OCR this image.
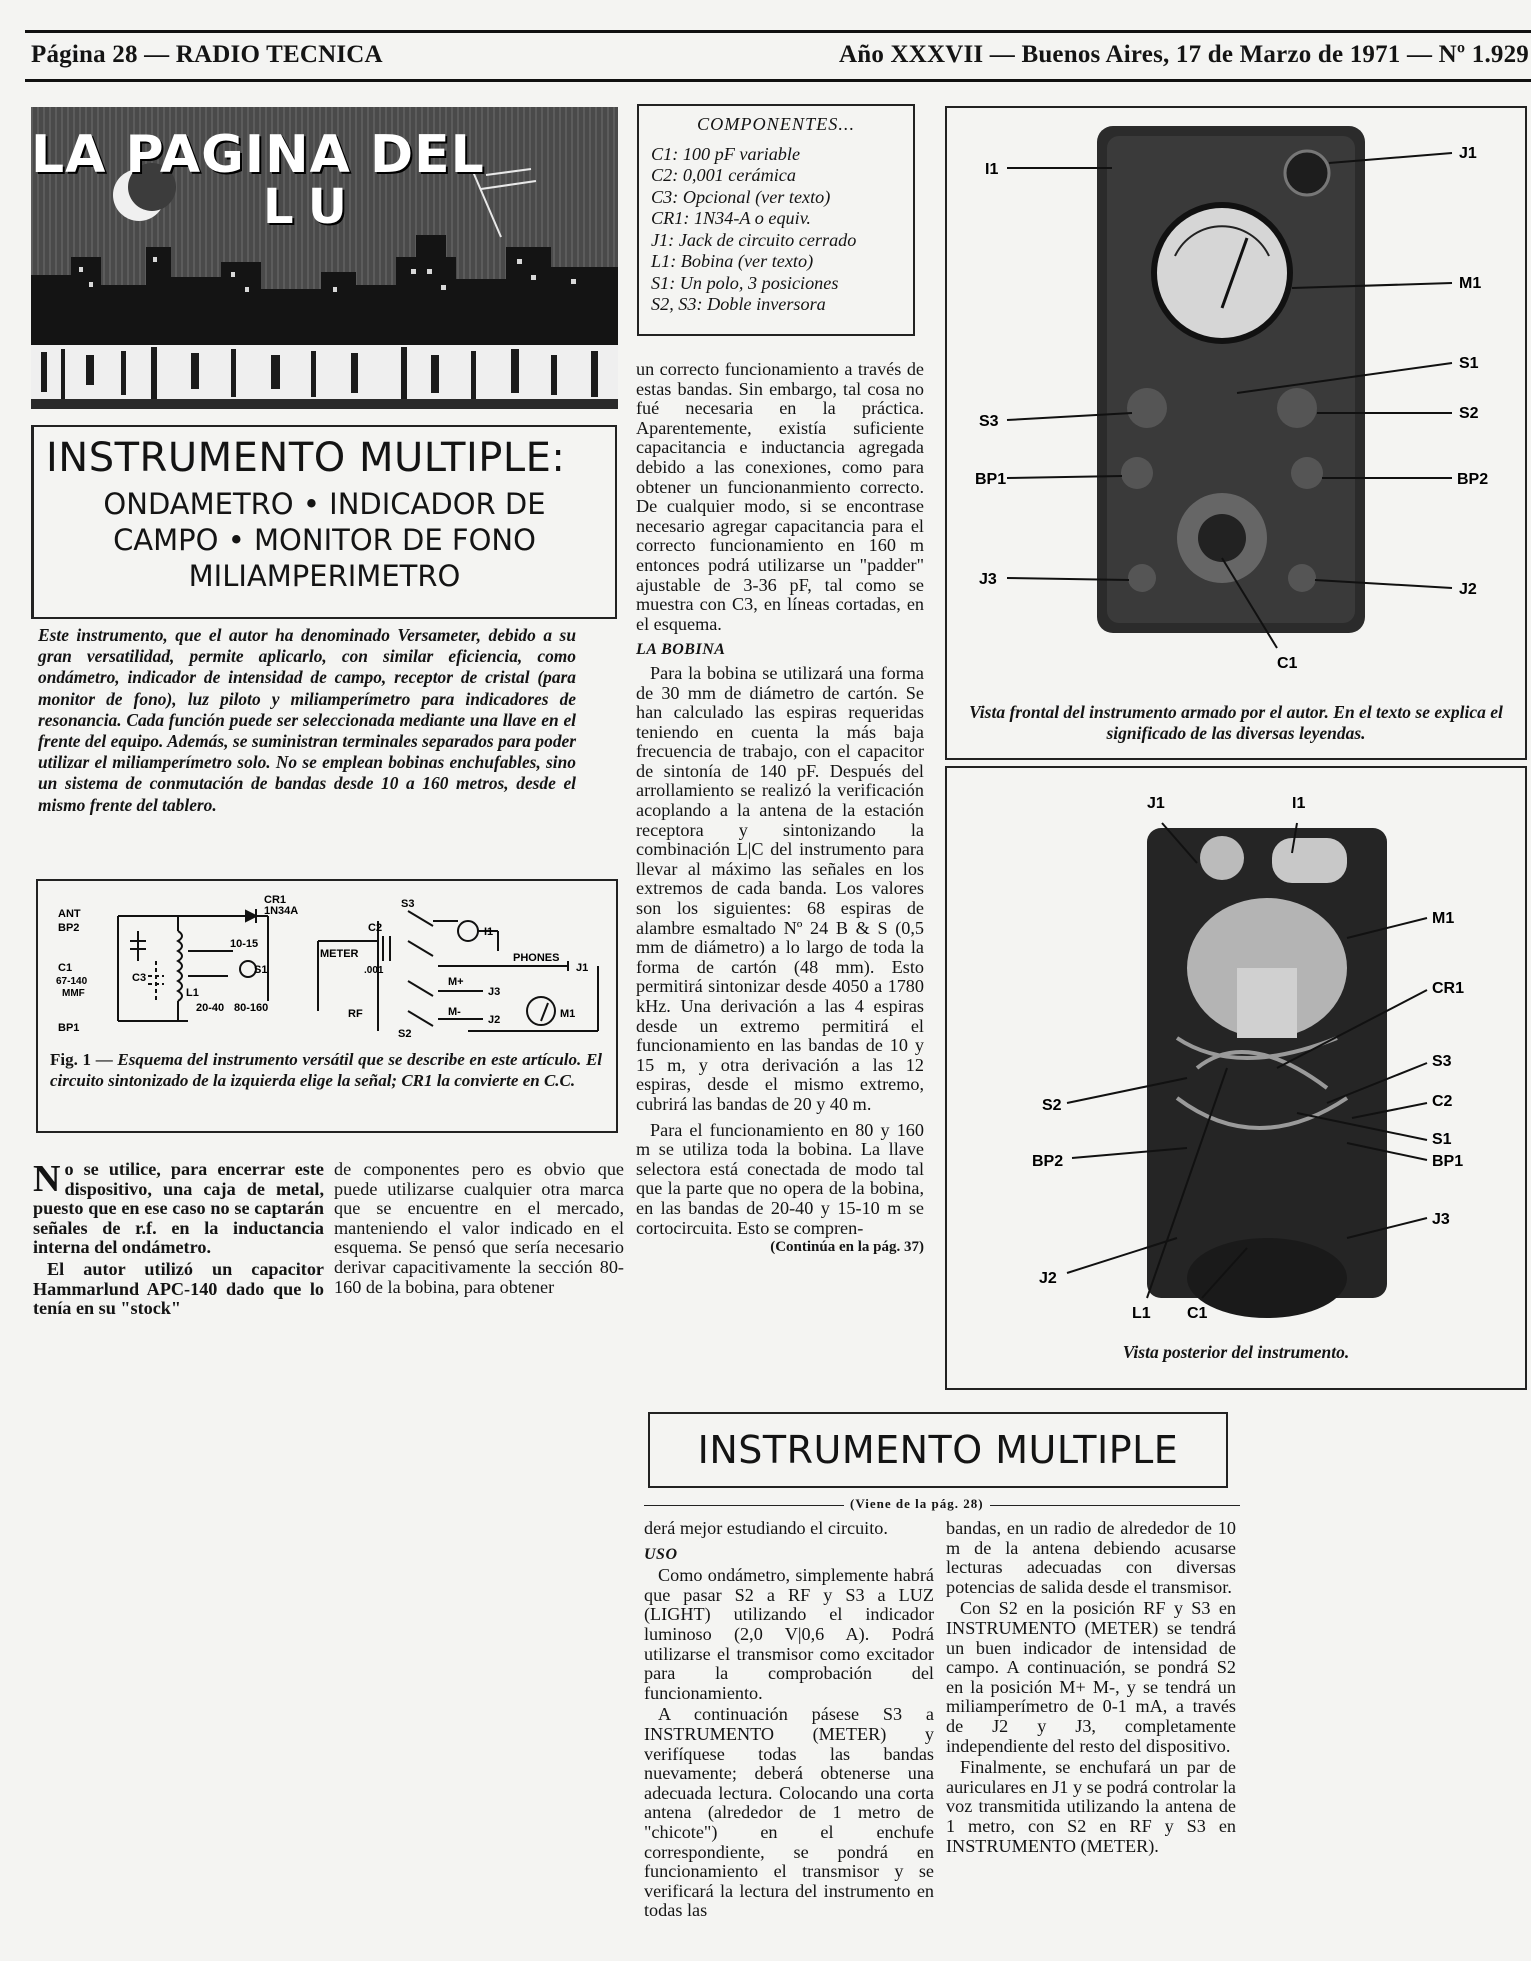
Página 28 — RADIO TECNICA	Año XXXVII — Buenos Aires, 17 de Marzo de 1971 — Nº 1.929
LA PAGINA DEL
LU
INSTRUMENTO MULTIPLE:
ONDAMETRO • INDICADOR DE
CAMPO • MONITOR DE FONO
MILIAMPERIMETRO
Este instrumento, que el autor ha denominado Versameter, debido a su gran versatilidad, permite aplicarlo, con similar eficiencia, como ondámetro, indicador de intensidad de campo, receptor de cristal (para monitor de fono), luz piloto y miliamperímetro para indicadores de resonancia. Cada función puede ser seleccionada mediante una llave en el frente del equipo. Además, se suministran terminales separados para poder utilizar el miliamperímetro solo. No se emplean bobinas enchufables, sino un sistema de conmutación de bandas desde 10 a 160 metros, desde el mismo frente del tablero.
ANT
BP2
C1
67-140
MMF
BP1
C3
L1
CR1
1N34A
10-15
20-40 80-160
S1
METER
RF
C2
.001
S3
S2
I1
PHONES
J1
M+
M-
J3
J2	M1
Fig. 1 — Esquema del instrumento versátil que se describe en este artículo. El circuito sintonizado de la izquierda elige la señal; CR1 la convierte en C.C.

N o se utilice, para encerrar este dispositivo, una caja de metal, puesto que en ese caso no se captarán señales de r.f. en la inductancia interna del ondámetro.

El autor utilizó un capacitor Hammarlund APC-140 dado que lo tenía en su "stock"

de componentes pero es obvio que puede utilizarse cualquier otra marca que se encuentre en el mercado, manteniendo el valor indicado en el esquema. Se pensó que sería necesario derivar capacitivamente la sección 80-160 de la bobina, para obtener

COMPONENTES...
C1: 100 pF variable
C2: 0,001 cerámica
C3: Opcional (ver texto)
CR1: 1N34-A o equiv.
J1: Jack de circuito cerrado
L1: Bobina (ver texto)
S1: Un polo, 3 posiciones
S2, S3: Doble inversora

un correcto funcionamiento a través de estas bandas. Sin embargo, tal cosa no fué necesaria en la práctica. Aparentemente, existía suficiente capacitancia e inductancia agregada debido a las conexiones, como para obtener un funcionanmiento correcto. De cualquier modo, si se encontrase necesario agregar capacitancia para el correcto funcionamiento en 160 m entonces podrá utilizarse un "padder" ajustable de 3-36 pF, tal como se muestra con C3, en líneas cortadas, en el esquema.

LA BOBINA

Para la bobina se utilizará una forma de 30 mm de diámetro de cartón. Se han calculado las espiras requeridas teniendo en cuenta la más baja frecuencia de trabajo, con el capacitor de sintonía de 140 pF. Después del arrollamiento se realizó la verificación acoplando a la antena de la estación receptora y sintonizando la combinación L|C del instrumento para llevar al máximo las señales en los extremos de cada banda. Los valores son los siguientes: 68 espiras de alambre esmaltado Nº 24 B & S (0,5 mm de diámetro) a lo largo de toda la forma de cartón (48 mm). Esto permitirá sintonizar desde 4050 a 1780 kHz. Una derivación a las 4 espiras desde un extremo permitirá el funcionamiento en las bandas de 10 y 15 m, y otra derivación a las 12 espiras, desde el mismo extremo, cubrirá las bandas de 20 y 40 m.

Para el funcionamiento en 80 y 160 m se utiliza toda la bobina. La llave selectora está conectada de modo tal que la parte que no opera de la bobina, en las bandas de 20-40 y 15-10 m se cortocircuita. Esto se compren-

(Continúa en la pág. 37)
I1
J1
M1
S1
S3	S2
BP1	BP2
J3
J2
C1
Vista frontal del instrumento armado por el autor. En el texto se explica el significado de las diversas leyendas.
J1	I1
M1
CR1
S3
C2
S2
S1
BP2	BP1
J3
J2
L1 C1
Vista posterior del instrumento.
INSTRUMENTO MULTIPLE
(Viene de la pág. 28)

derá mejor estudiando el circuito.

USO

Como ondámetro, simplemente habrá que pasar S2 a RF y S3 a LUZ (LIGHT) utilizando el indicador luminoso (2,0 V|0,6 A). Podrá utilizarse el transmisor como excitador para la comprobación del funcionamiento.

A continuación pásese S3 a INSTRUMENTO (METER) y verifíquese todas las bandas nuevamente; deberá obtenerse una adecuada lectura. Colocando una corta antena (alrededor de 1 metro de "chicote") en el enchufe correspondiente, se pondrá en funcionamiento el transmisor y se verificará la lectura del instrumento en todas las

bandas, en un radio de alrededor de 10 m de la antena debiendo acusarse lecturas adecuadas con diversas potencias de salida desde el transmisor.

Con S2 en la posición RF y S3 en INSTRUMENTO (METER) se tendrá un buen indicador de intensidad de campo. A continuación, se pondrá S2 en la posición M+ M-, y se tendrá un miliamperímetro de 0-1 mA, a través de J2 y J3, completamente independiente del resto del dispositivo.

Finalmente, se enchufará un par de auriculares en J1 y se podrá controlar la voz transmitida utilizando la antena de 1 metro, con S2 en RF y S3 en INSTRUMENTO (METER).
